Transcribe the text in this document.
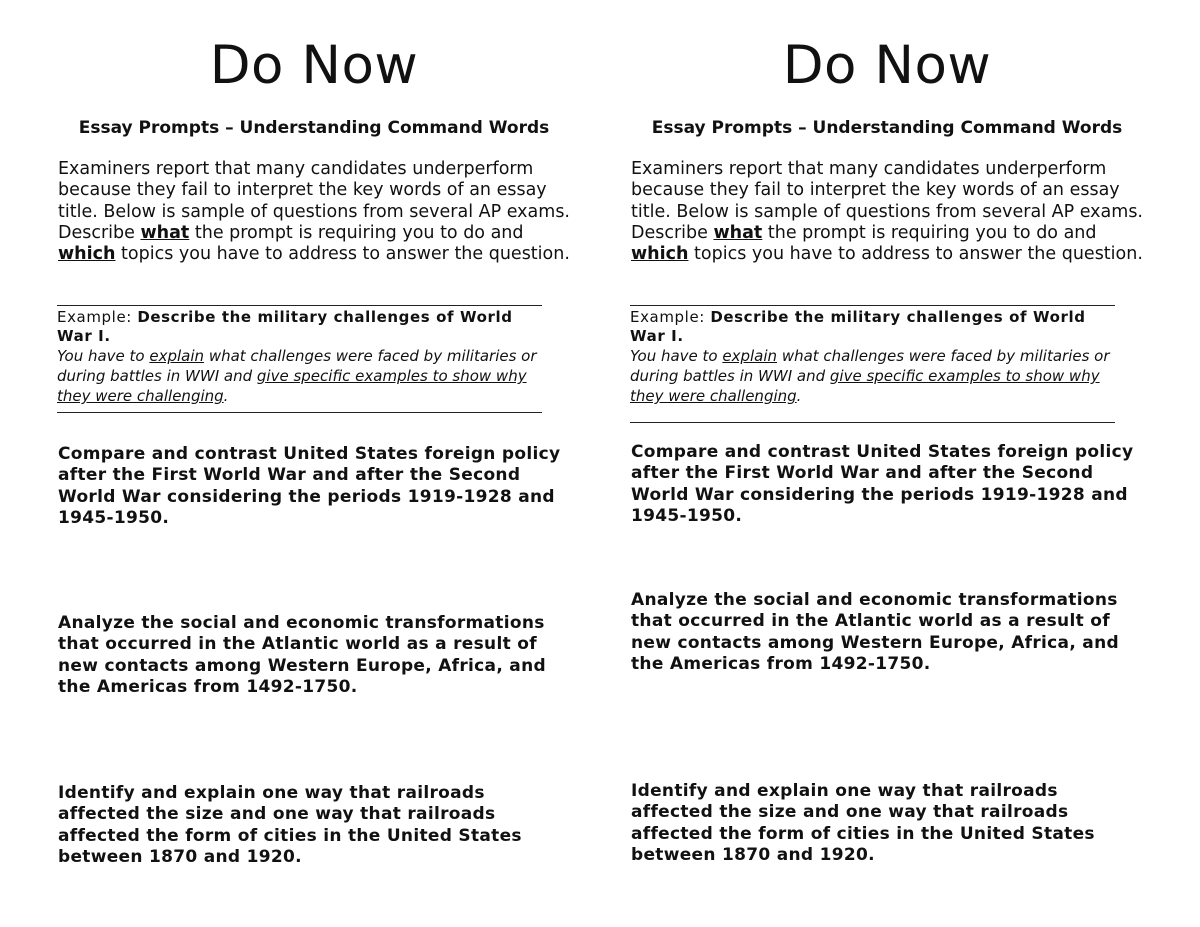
Do Now
Essay Prompts – Understanding Command Words

Examiners report that many candidates underperform because they fail to interpret the key words of an essay title. Below is sample of questions from several AP exams. Describe what the prompt is requiring you to do and which topics you have to address to answer the question.

Example: Describe the military challenges of World War I.

You have to explain what challenges were faced by militaries or during battles in WWI and give specific examples to show why they were challenging.

Compare and contrast United States foreign policy after the First World War and after the Second World War considering the periods 1919-1928 and 1945-1950.

Analyze the social and economic transformations that occurred in the Atlantic world as a result of new contacts among Western Europe, Africa, and the Americas from 1492-1750.

Identify and explain one way that railroads affected the size and one way that railroads affected the form of cities in the United States between 1870 and 1920.

Do Now
Essay Prompts – Understanding Command Words

Examiners report that many candidates underperform because they fail to interpret the key words of an essay title. Below is sample of questions from several AP exams. Describe what the prompt is requiring you to do and which topics you have to address to answer the question.

Example: Describe the military challenges of World War I.

You have to explain what challenges were faced by militaries or during battles in WWI and give specific examples to show why they were challenging.

Compare and contrast United States foreign policy after the First World War and after the Second World War considering the periods 1919-1928 and 1945-1950.

Analyze the social and economic transformations that occurred in the Atlantic world as a result of new contacts among Western Europe, Africa, and the Americas from 1492-1750.

Identify and explain one way that railroads affected the size and one way that railroads affected the form of cities in the United States between 1870 and 1920.
